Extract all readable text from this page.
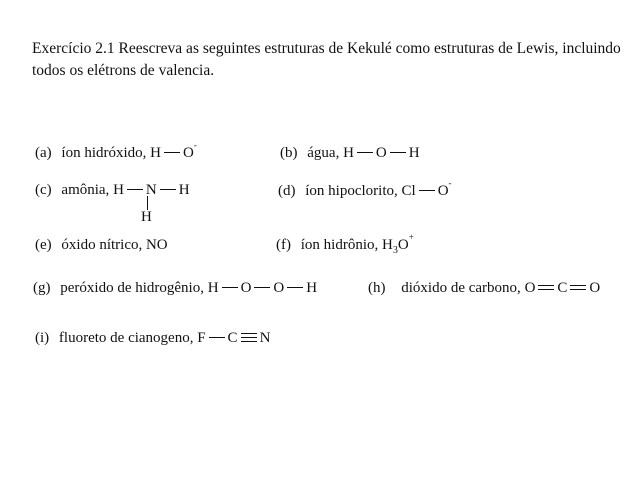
Exercício 2.1 Reescreva as seguintes estruturas de Kekulé como estruturas de Lewis, incluindo todos os elétrons de valencia.
(a) íon hidróxido, H O-	(b) água, H O H
(c) amônia, H N H
H
(d) íon hipoclorito, Cl O-
(e) óxido nítrico, NO	(f) íon hidrônio, $H_3O^+$
(g) peróxido de hidrogênio, H O O H	(h) dióxido de carbono, O C O
(i) fluoreto de cianogeno, F C N
